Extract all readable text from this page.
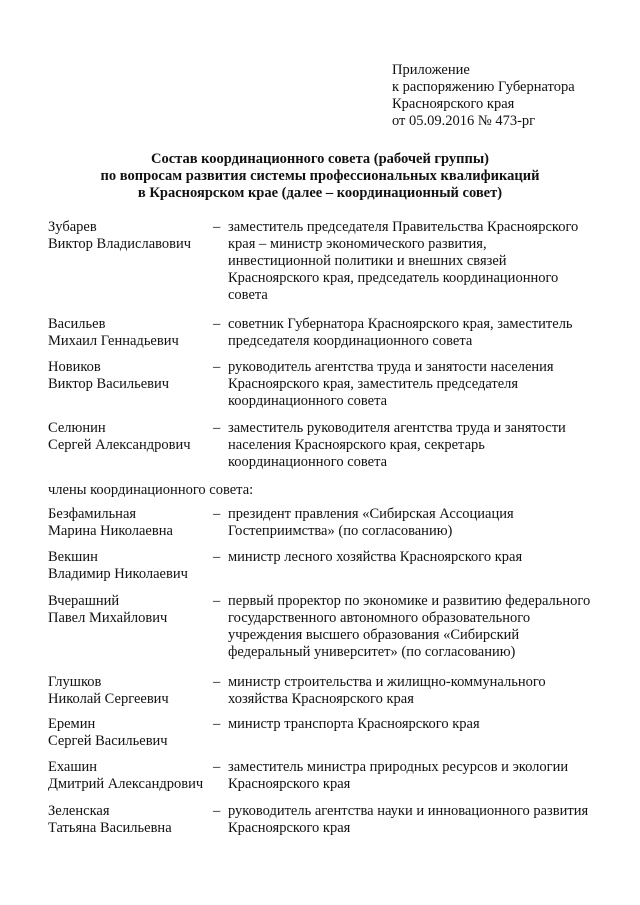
Приложение
к распоряжению Губернатора
Красноярского края
от 05.09.2016 № 473-рг
Состав координационного совета (рабочей группы)
по вопросам развития системы профессиональных квалификаций
в Красноярском крае (далее – координационный совет)
Зубарев
Виктор Владиславович
– заместитель председателя Правительства Красноярского
края – министр экономического развития,
инвестиционной политики и внешних связей
Красноярского края, председатель координационного
совета
Васильев
Михаил Геннадьевич
– советник Губернатора Красноярского края, заместитель
председателя координационного совета
Новиков
Виктор Васильевич
– руководитель агентства труда и занятости населения
Красноярского края, заместитель председателя
координационного совета
Селюнин
Сергей Александрович
– заместитель руководителя агентства труда и занятости
населения Красноярского края, секретарь
координационного совета
члены координационного совета:
Безфамильная
Марина Николаевна
– президент правления «Сибирская Ассоциация
Гостеприимства» (по согласованию)
Векшин
Владимир Николаевич
– министр лесного хозяйства Красноярского края
Вчерашний
Павел Михайлович
– первый проректор по экономике и развитию федерального
государственного автономного образовательного
учреждения высшего образования «Сибирский
федеральный университет» (по согласованию)
Глушков
Николай Сергеевич
– министр строительства и жилищно-коммунального
хозяйства Красноярского края
Еремин
Сергей Васильевич
– министр транспорта Красноярского края
Ехашин
Дмитрий Александрович
– заместитель министра природных ресурсов и экологии
Красноярского края
Зеленская
Татьяна Васильевна
– руководитель агентства науки и инновационного развития
Красноярского края
